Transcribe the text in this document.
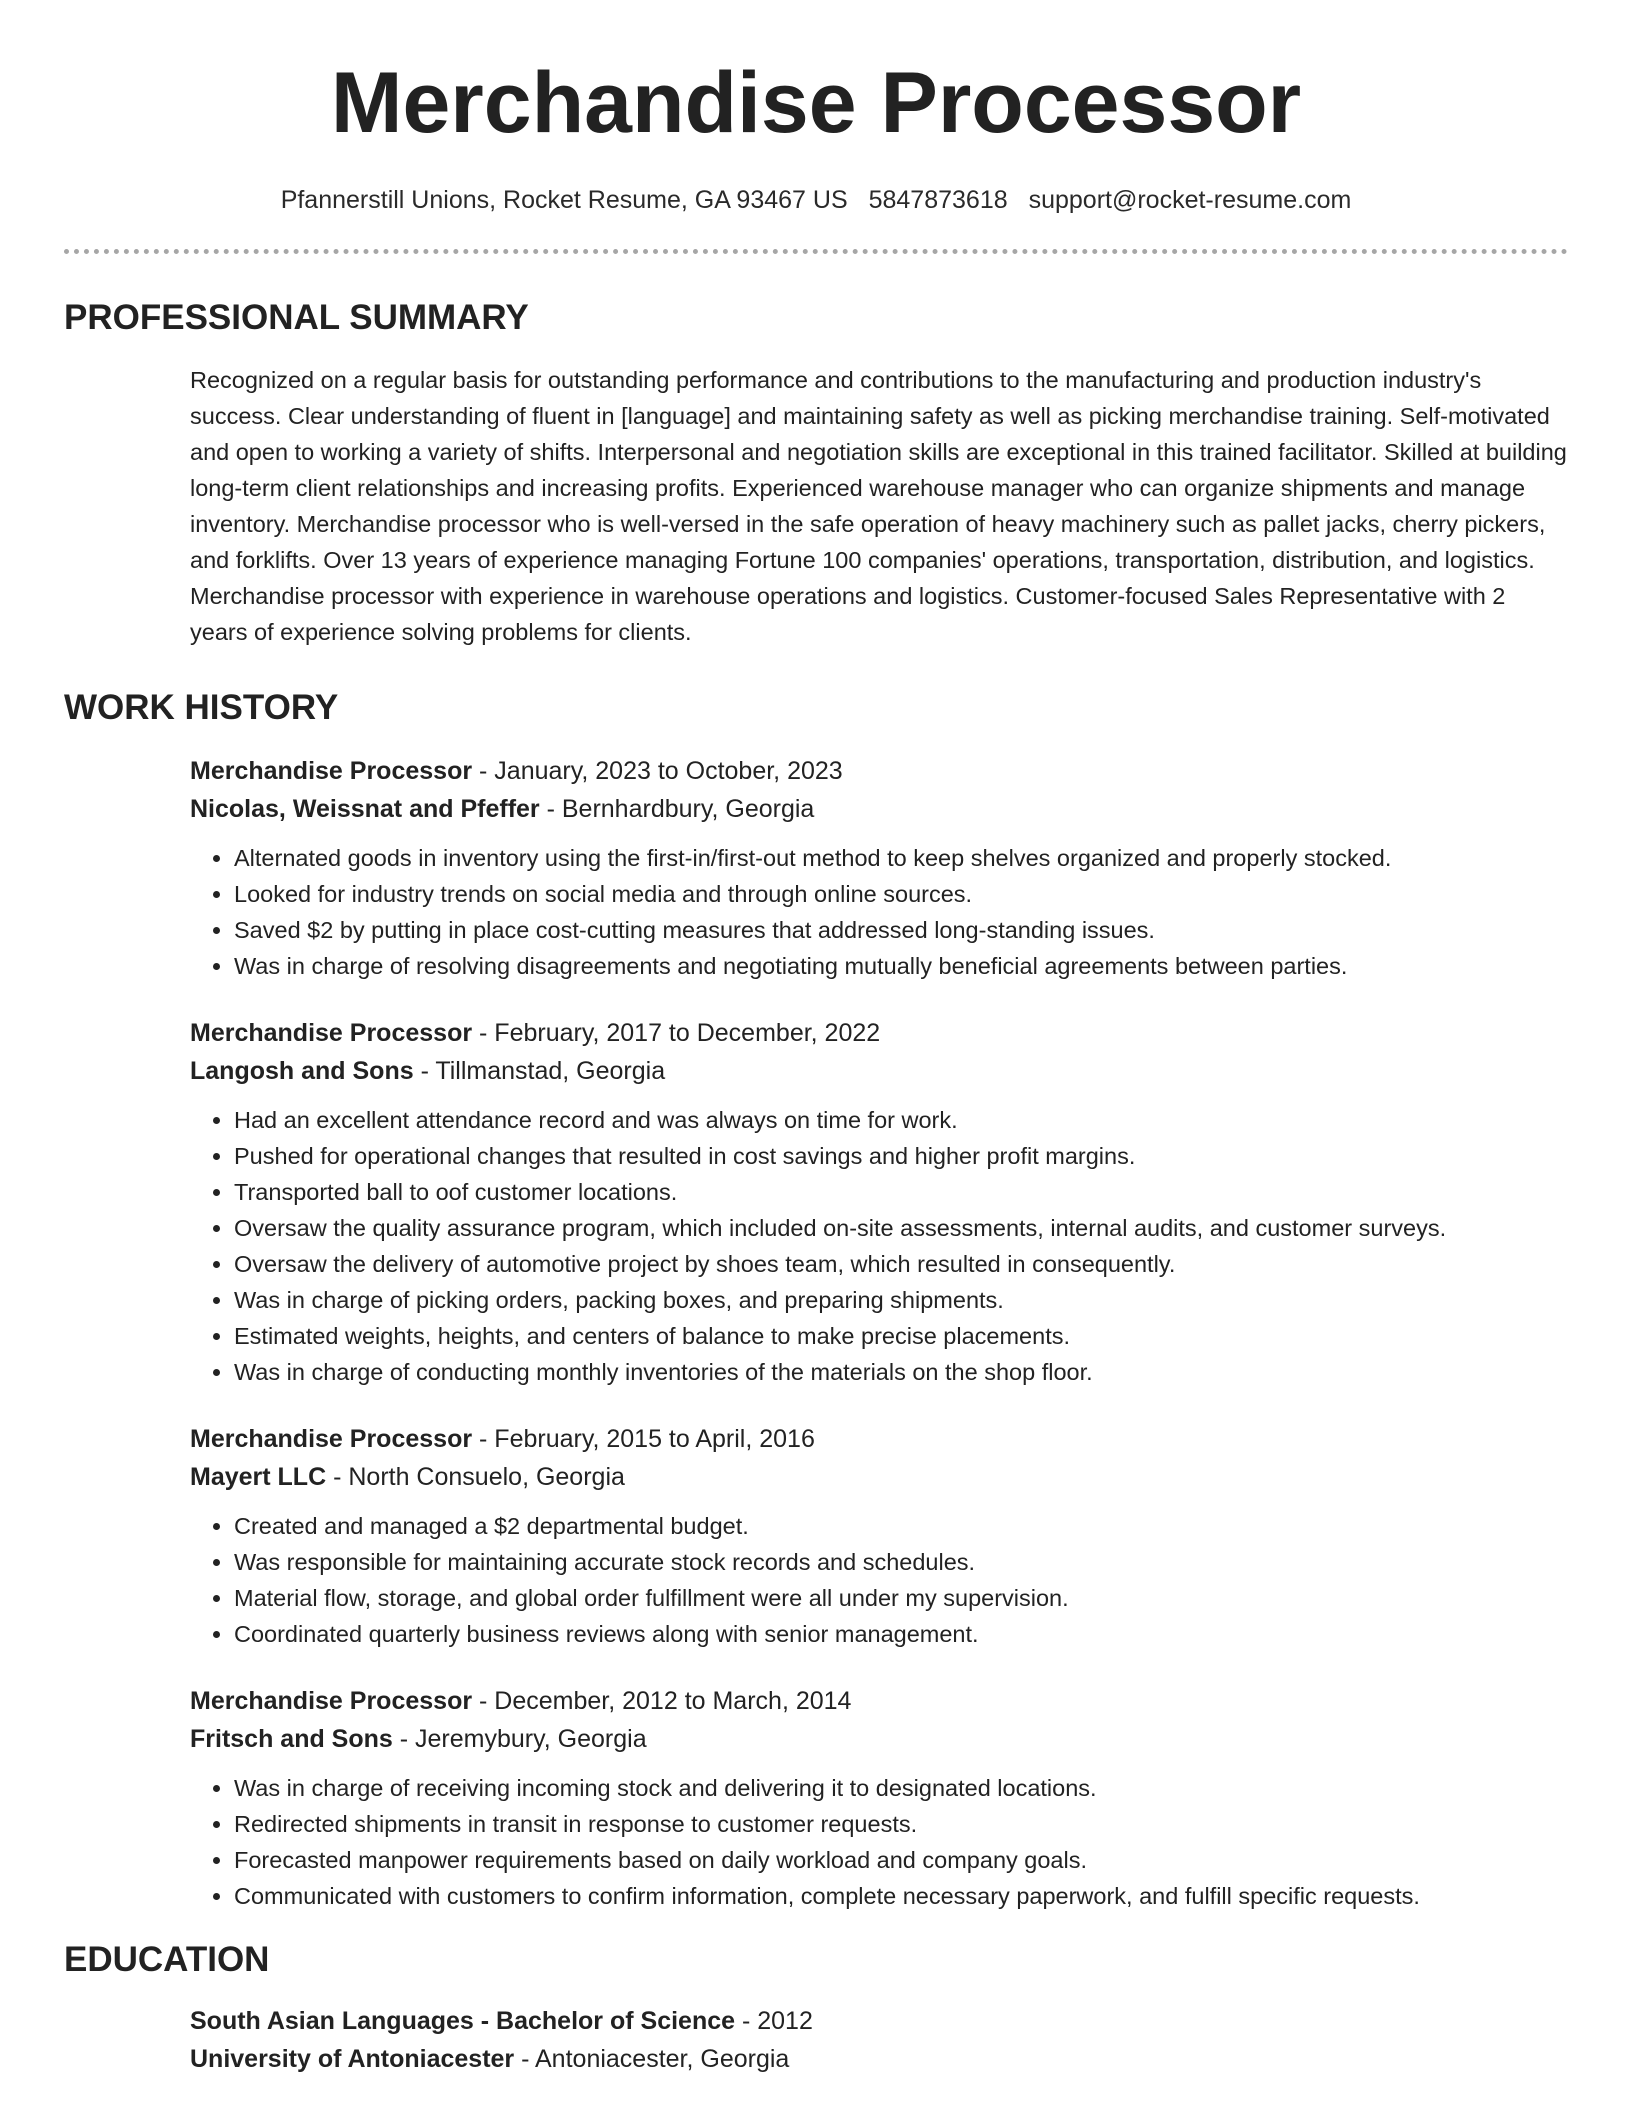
Merchandise Processor
Pfannerstill Unions, Rocket Resume, GA 93467 US 5847873618 support@rocket-resume.com
PROFESSIONAL SUMMARY

Recognized on a regular basis for outstanding performance and contributions to the manufacturing and production industry's success. Clear understanding of fluent in [language] and maintaining safety as well as picking merchandise training. Self-motivated and open to working a variety of shifts. Interpersonal and negotiation skills are exceptional in this trained facilitator. Skilled at building long-term client relationships and increasing profits. Experienced warehouse manager who can organize shipments and manage inventory. Merchandise processor who is well-versed in the safe operation of heavy machinery such as pallet jacks, cherry pickers, and forklifts. Over 13 years of experience managing Fortune 100 companies' operations, transportation, distribution, and logistics. Merchandise processor with experience in warehouse operations and logistics. Customer-focused Sales Representative with 2 years of experience solving problems for clients.

WORK HISTORY

Merchandise Processor - January, 2023 to October, 2023

Nicolas, Weissnat and Pfeffer - Bernhardbury, Georgia

• Alternated goods in inventory using the first-in/first-out method to keep shelves organized and properly stocked.
• Looked for industry trends on social media and through online sources.
• Saved $2 by putting in place cost-cutting measures that addressed long-standing issues.
• Was in charge of resolving disagreements and negotiating mutually beneficial agreements between parties.

Merchandise Processor - February, 2017 to December, 2022

Langosh and Sons - Tillmanstad, Georgia

• Had an excellent attendance record and was always on time for work.
• Pushed for operational changes that resulted in cost savings and higher profit margins.
• Transported ball to oof customer locations.
• Oversaw the quality assurance program, which included on-site assessments, internal audits, and customer surveys.
• Oversaw the delivery of automotive project by shoes team, which resulted in consequently.
• Was in charge of picking orders, packing boxes, and preparing shipments.
• Estimated weights, heights, and centers of balance to make precise placements.
• Was in charge of conducting monthly inventories of the materials on the shop floor.

Merchandise Processor - February, 2015 to April, 2016

Mayert LLC - North Consuelo, Georgia

• Created and managed a $2 departmental budget.
• Was responsible for maintaining accurate stock records and schedules.
• Material flow, storage, and global order fulfillment were all under my supervision.
• Coordinated quarterly business reviews along with senior management.

Merchandise Processor - December, 2012 to March, 2014

Fritsch and Sons - Jeremybury, Georgia

• Was in charge of receiving incoming stock and delivering it to designated locations.
• Redirected shipments in transit in response to customer requests.
• Forecasted manpower requirements based on daily workload and company goals.
• Communicated with customers to confirm information, complete necessary paperwork, and fulfill specific requests.
EDUCATION

South Asian Languages - Bachelor of Science - 2012

University of Antoniacester - Antoniacester, Georgia
